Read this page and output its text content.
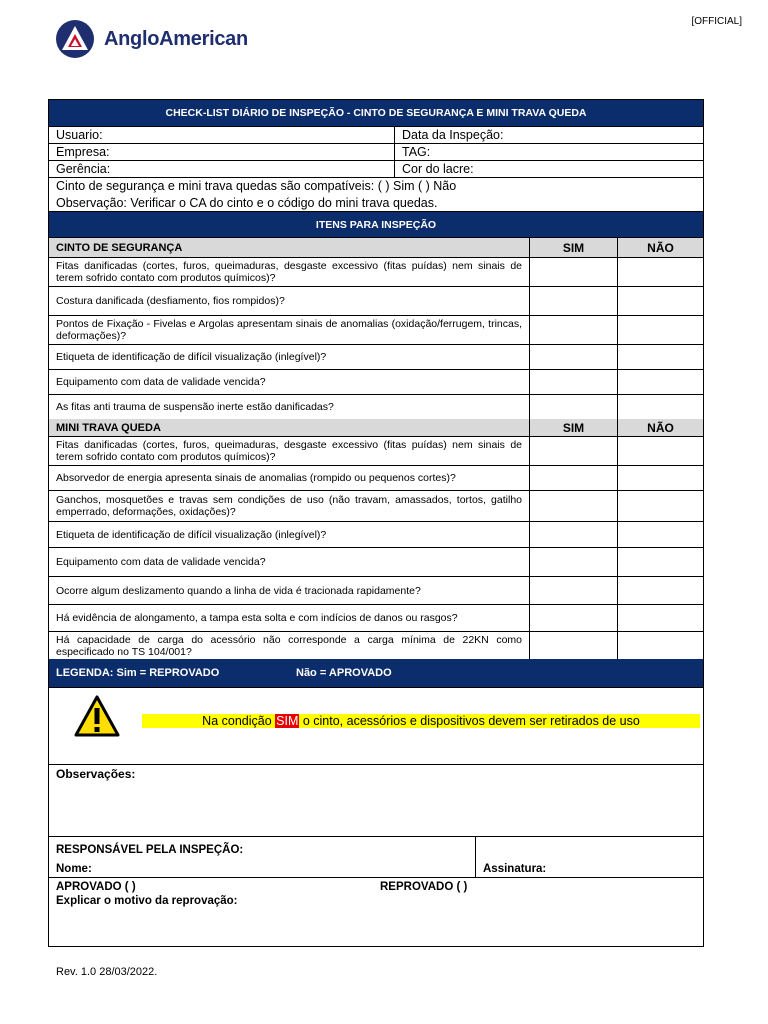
[OFFICIAL]
AngloAmerican
CHECK-LIST DIÁRIO DE INSPEÇÃO - CINTO DE SEGURANÇA E MINI TRAVA QUEDA
Usuario:	Data da Inspeção:
Empresa:	TAG:
Gerência:	Cor do lacre:
Cinto de segurança e mini trava quedas são compatíveis: ( ) Sim ( ) Não
Observação: Verificar o CA do cinto e o código do mini trava quedas.
ITENS PARA INSPEÇÃO
CINTO DE SEGURANÇA	SIM	NÃO
Fitas danificadas (cortes, furos, queimaduras, desgaste excessivo (fitas puídas) nem sinais de terem sofrido contato com produtos químicos)?
Costura danificada (desfiamento, fios rompidos)?
Pontos de Fixação - Fivelas e Argolas apresentam sinais de anomalias (oxidação/ferrugem, trincas, deformações)?
Etiqueta de identificação de difícil visualização (inlegível)?
Equipamento com data de validade vencida?
As fitas anti trauma de suspensão inerte estão danificadas?
MINI TRAVA QUEDA	SIM	NÃO
Fitas danificadas (cortes, furos, queimaduras, desgaste excessivo (fitas puídas) nem sinais de terem sofrido contato com produtos químicos)?
Absorvedor de energia apresenta sinais de anomalias (rompido ou pequenos cortes)?
Ganchos, mosquetões e travas sem condições de uso (não travam, amassados, tortos, gatilho emperrado, deformações, oxidações)?
Etiqueta de identificação de difícil visualização (inlegível)?
Equipamento com data de validade vencida?
Ocorre algum deslizamento quando a linha de vida é tracionada rapidamente?
Há evidência de alongamento, a tampa esta solta e com indícios de danos ou rasgos?
Há capacidade de carga do acessório não corresponde a carga mínima de 22KN como especificado no TS 104/001?
LEGENDA: Sim = REPROVADO	Não = APROVADO
Na condição SIM o cinto, acessórios e dispositivos devem ser retirados de uso
Observações:
RESPONSÁVEL PELA INSPEÇÃO:
Nome:	Assinatura:
APROVADO ( )	REPROVADO ( )
Explicar o motivo da reprovação:
Rev. 1.0 28/03/2022.
